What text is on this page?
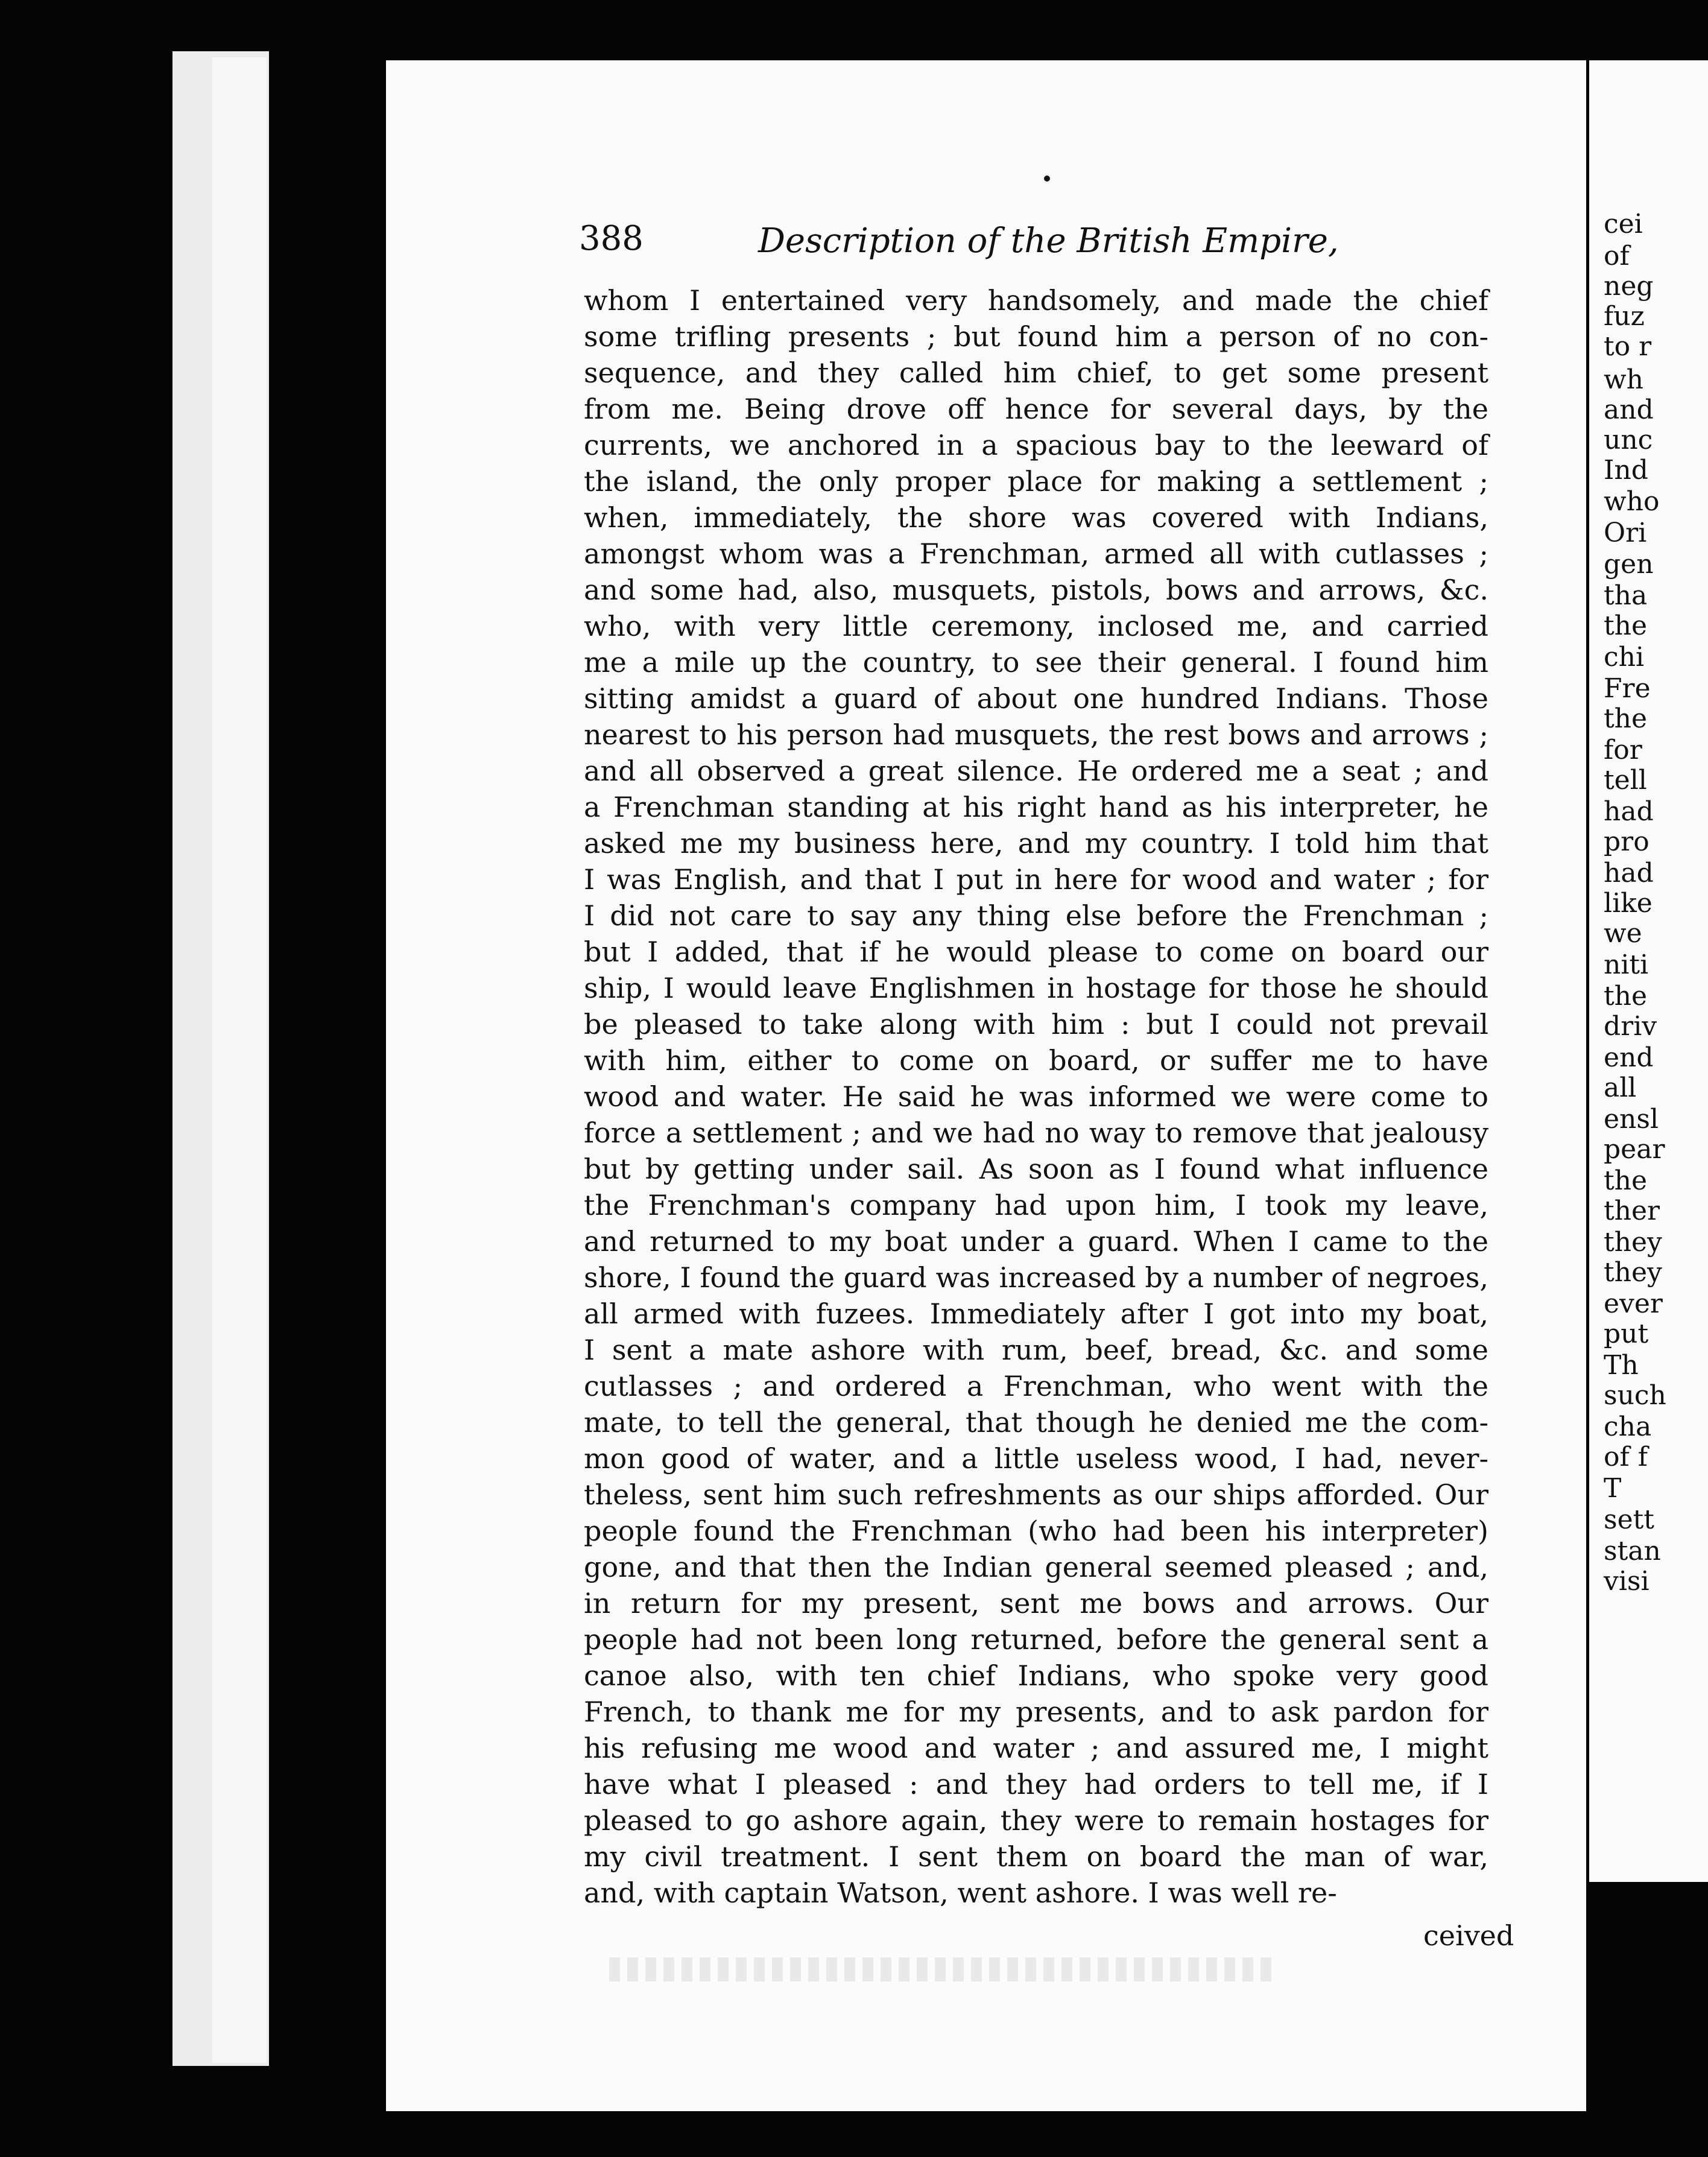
cei
of
neg
fuz
to r
wh
and
unc
Ind
who
Ori
gen
tha
the
chi
Fre
the
for
tell
had
pro
had
like
we
niti
the
driv
end
all
ensl
pear
the
ther
they
they
ever
put
Th
such
cha
of f
T
sett
stan
visi
388	Description of the British Empire,
whom I entertained very handsomely, and made the chief
some trifling presents ; but found him a person of no con-
sequence, and they called him chief, to get some present
from me. Being drove off hence for several days, by the
currents, we anchored in a spacious bay to the leeward of
the island, the only proper place for making a settlement ;
when, immediately, the shore was covered with Indians,
amongst whom was a Frenchman, armed all with cutlasses ;
and some had, also, musquets, pistols, bows and arrows, &c.
who, with very little ceremony, inclosed me, and carried
me a mile up the country, to see their general. I found him
sitting amidst a guard of about one hundred Indians. Those
nearest to his person had musquets, the rest bows and arrows ;
and all observed a great silence. He ordered me a seat ; and
a Frenchman standing at his right hand as his interpreter, he
asked me my business here, and my country. I told him that
I was English, and that I put in here for wood and water ; for
I did not care to say any thing else before the Frenchman ;
but I added, that if he would please to come on board our
ship, I would leave Englishmen in hostage for those he should
be pleased to take along with him : but I could not prevail
with him, either to come on board, or suffer me to have
wood and water. He said he was informed we were come to
force a settlement ; and we had no way to remove that jealousy
but by getting under sail. As soon as I found what influence
the Frenchman's company had upon him, I took my leave,
and returned to my boat under a guard. When I came to the
shore, I found the guard was increased by a number of negroes,
all armed with fuzees. Immediately after I got into my boat,
I sent a mate ashore with rum, beef, bread, &c. and some
cutlasses ; and ordered a Frenchman, who went with the
mate, to tell the general, that though he denied me the com-
mon good of water, and a little useless wood, I had, never-
theless, sent him such refreshments as our ships afforded. Our
people found the Frenchman (who had been his interpreter)
gone, and that then the Indian general seemed pleased ; and,
in return for my present, sent me bows and arrows. Our
people had not been long returned, before the general sent a
canoe also, with ten chief Indians, who spoke very good
French, to thank me for my presents, and to ask pardon for
his refusing me wood and water ; and assured me, I might
have what I pleased : and they had orders to tell me, if I
pleased to go ashore again, they were to remain hostages for
my civil treatment. I sent them on board the man of war,
and, with captain Watson, went ashore. I was well re-
ceived
